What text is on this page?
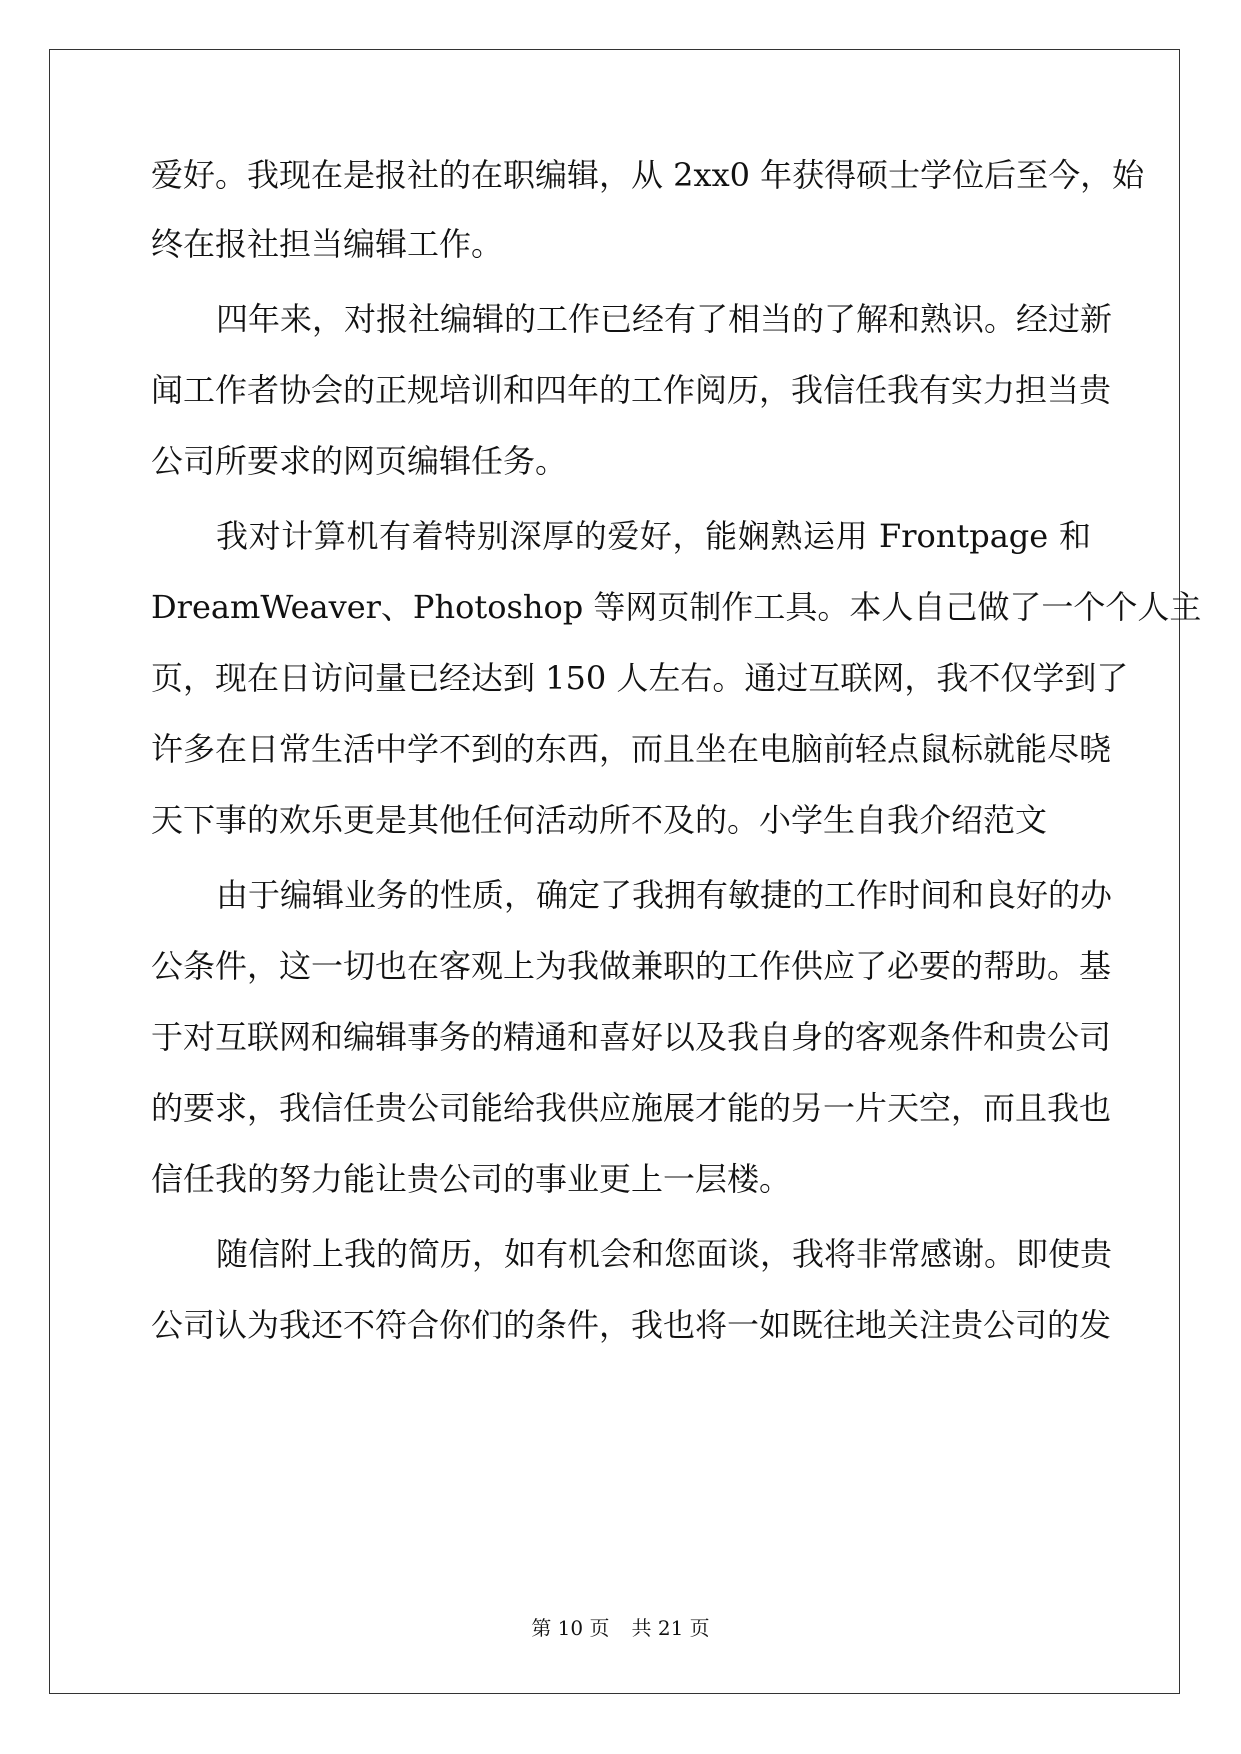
爱好。我现在是报社的在职编辑，从 2xx0 年获得硕士学位后至今，始

终在报社担当编辑工作。

四年来，对报社编辑的工作已经有了相当的了解和熟识。经过新

闻工作者协会的正规培训和四年的工作阅历，我信任我有实力担当贵

公司所要求的网页编辑任务。

我对计算机有着特别深厚的爱好，能娴熟运用 Frontpage 和

DreamWeaver、Photoshop 等网页制作工具。本人自己做了一个个人主

页，现在日访问量已经达到 150 人左右。通过互联网，我不仅学到了

许多在日常生活中学不到的东西，而且坐在电脑前轻点鼠标就能尽晓

天下事的欢乐更是其他任何活动所不及的。小学生自我介绍范文

由于编辑业务的性质，确定了我拥有敏捷的工作时间和良好的办

公条件，这一切也在客观上为我做兼职的工作供应了必要的帮助。基

于对互联网和编辑事务的精通和喜好以及我自身的客观条件和贵公司

的要求，我信任贵公司能给我供应施展才能的另一片天空，而且我也

信任我的努力能让贵公司的事业更上一层楼。

随信附上我的简历，如有机会和您面谈，我将非常感谢。即使贵

公司认为我还不符合你们的条件，我也将一如既往地关注贵公司的发

第 10 页 共 21 页
